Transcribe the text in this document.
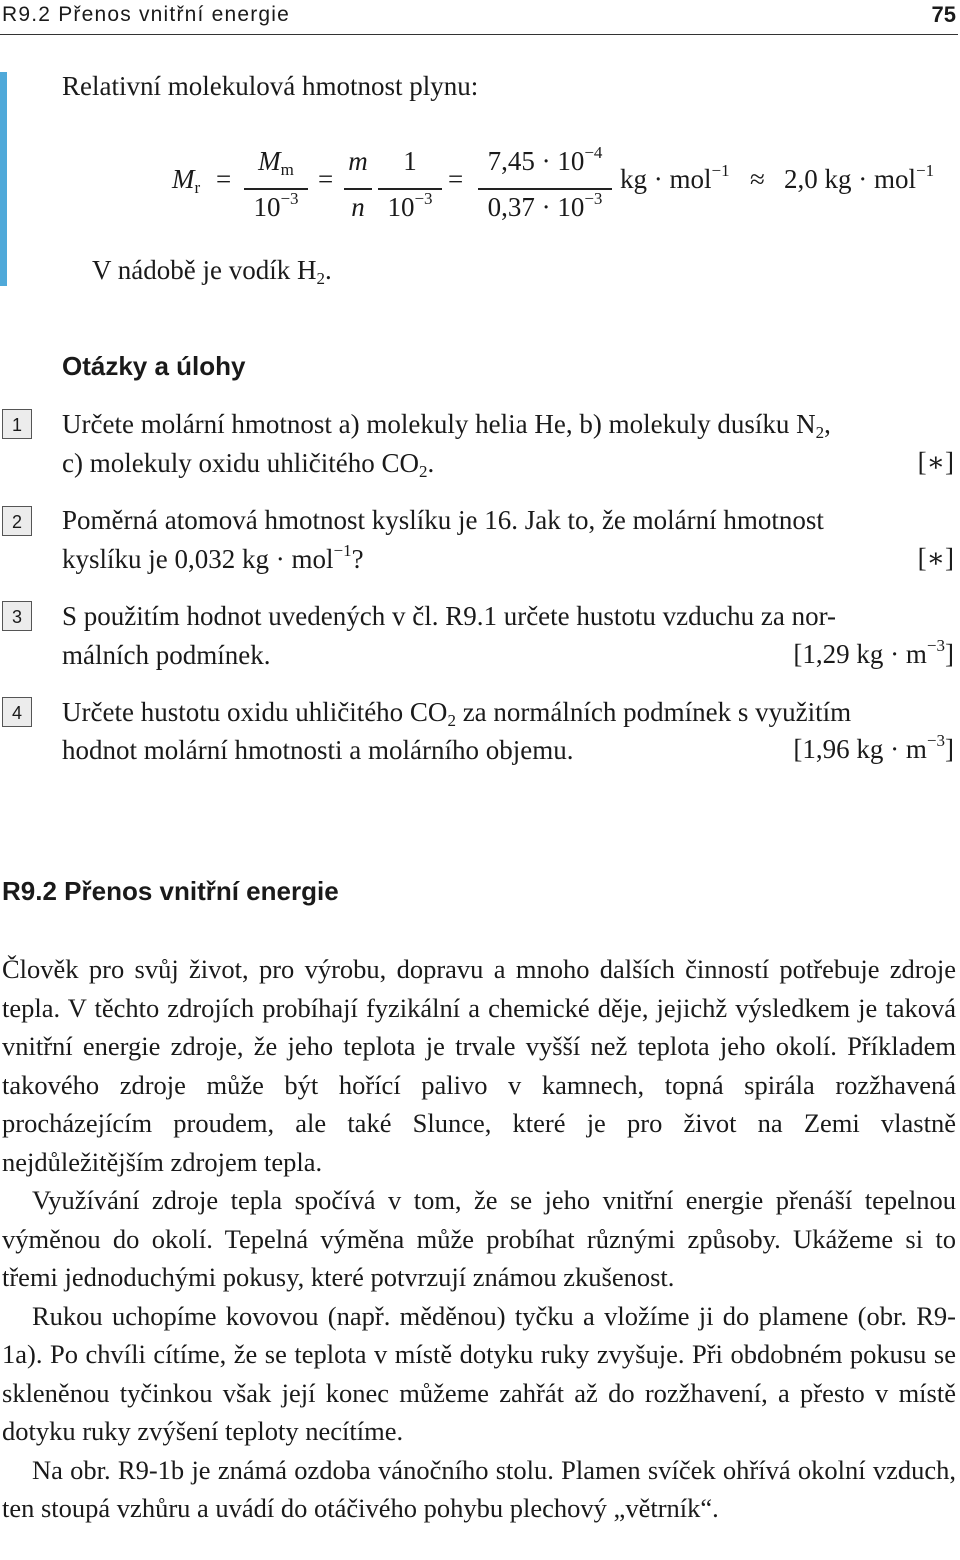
R9.2 Přenos vnitřní energie	75
Relativní molekulová hmotnost plynu:
$M_r$ =
$M_m$
$10^{-3}$
=
m
n
1
$10^{-3}$
=
$7,45 \cdot 10^{-4}$
$0,37 \cdot 10^{-3}$
kg · mol$^{-1}$ ≈ 2,0 kg · mol$^{-1}$
V nádobě je vodík $H_2$.
Otázky a úlohy
1	Určete molární hmotnost a) molekuly helia He, b) molekuly dusíku $N_2$,
c) molekuly oxidu uhličitého $CO_2$.	[∗]
2	Poměrná atomová hmotnost kyslíku je 16. Jak to, že molární hmotnost
kyslíku je 0,032 kg · mol$^{-1}$?	[∗]
3	S použitím hodnot uvedených v čl. R9.1 určete hustotu vzduchu za nor-
málních podmínek.	[1,29 kg · $m^{-3}$]
4	Určete hustotu oxidu uhličitého $CO_2$ za normálních podmínek s využitím
hodnot molární hmotnosti a molárního objemu.	[1,96 kg · $m^{-3}$]
R9.2 Přenos vnitřní energie

Člověk pro svůj život, pro výrobu, dopravu a mnoho dalších činností potřebuje zdroje tepla. V těchto zdrojích probíhají fyzikální a chemické děje, jejichž výsledkem je taková vnitřní energie zdroje, že jeho teplota je trvale vyšší než teplota jeho okolí. Příkladem takového zdroje může být hořící palivo v kamnech, topná spirála rozžhavená procházejícím proudem, ale také Slunce, které je pro život na Zemi vlastně nejdůležitějším zdrojem tepla.

Využívání zdroje tepla spočívá v tom, že se jeho vnitřní energie přenáší tepelnou výměnou do okolí. Tepelná výměna může probíhat různými způsoby. Ukážeme si to třemi jednoduchými pokusy, které potvrzují známou zkušenost.

Rukou uchopíme kovovou (např. měděnou) tyčku a vložíme ji do plamene (obr. R9-1a). Po chvíli cítíme, že se teplota v místě dotyku ruky zvyšuje. Při obdobném pokusu se skleněnou tyčinkou však její konec můžeme zahřát až do rozžhavení, a přesto v místě dotyku ruky zvýšení teploty necítíme.

Na obr. R9-1b je známá ozdoba vánočního stolu. Plamen svíček ohřívá okolní vzduch, ten stoupá vzhůru a uvádí do otáčivého pohybu plechový „větrník“.
